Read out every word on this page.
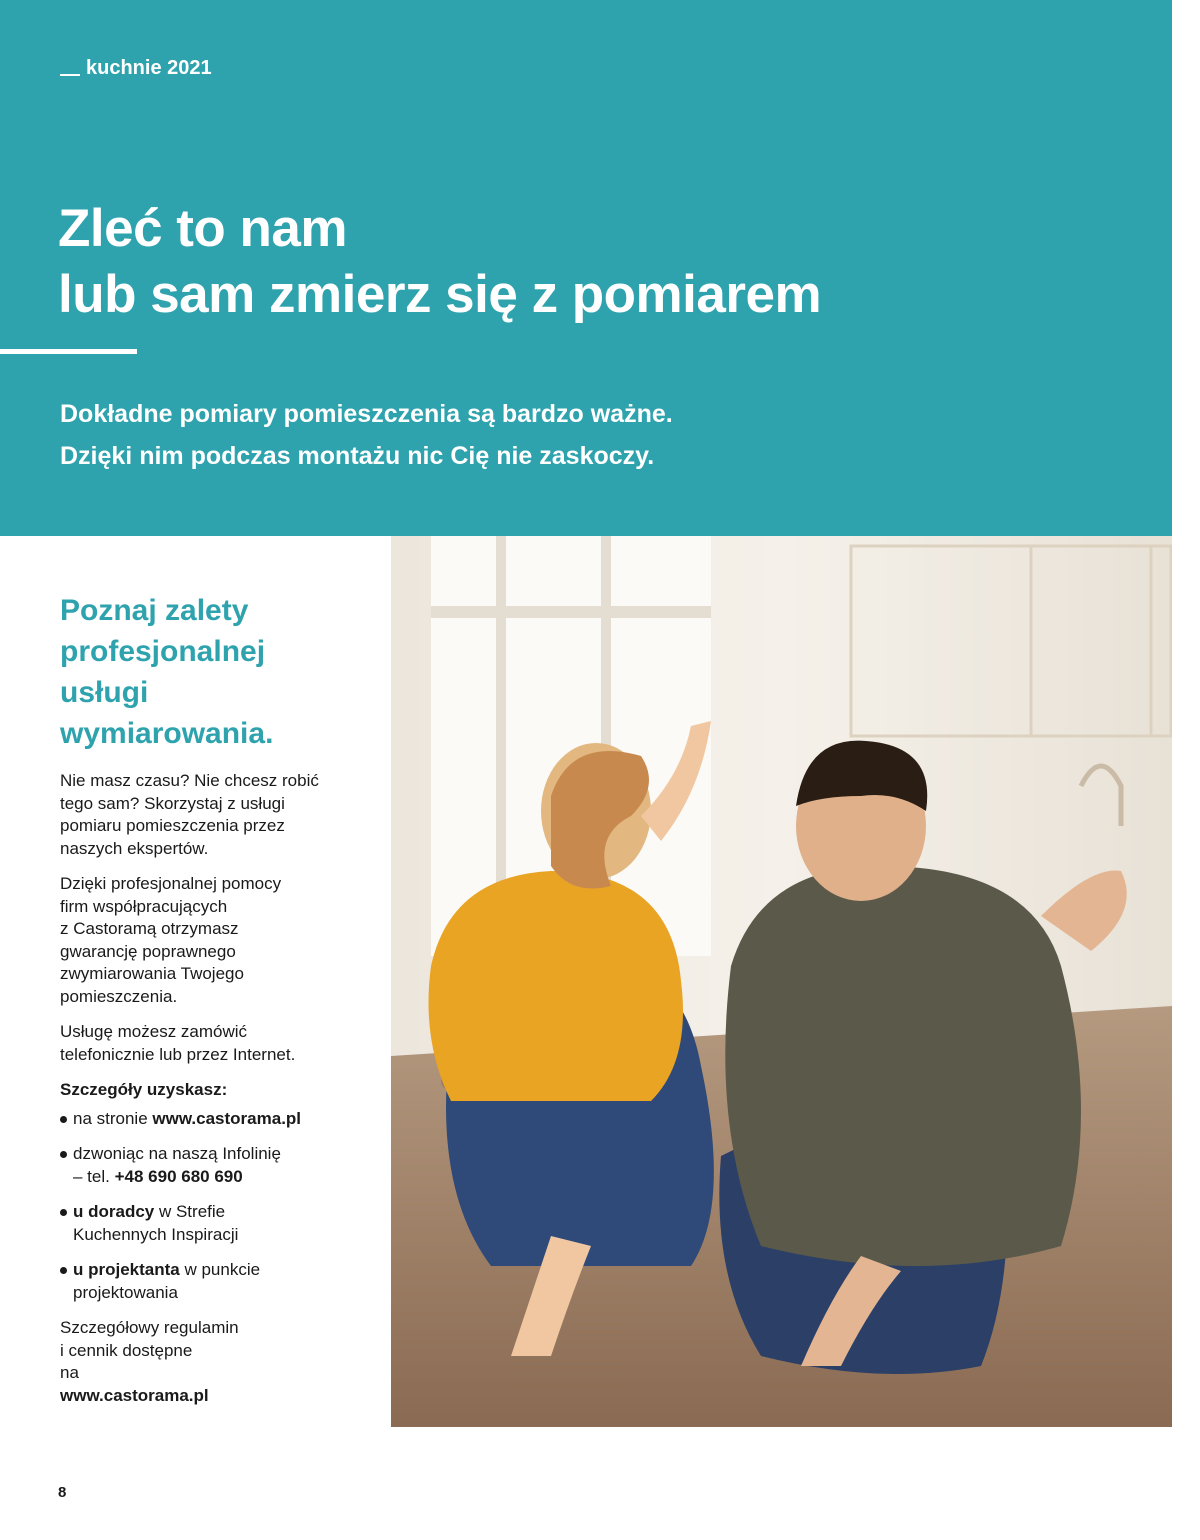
kuchnie 2021
Zleć to nam
lub sam zmierz się z pomiarem

Dokładne pomiary pomieszczenia są bardzo ważne.
Dzięki nim podczas montażu nic Cię nie zaskoczy.

Poznaj zalety
profesjonalnej
usługi
wymiarowania.

Nie masz czasu? Nie chcesz robić
tego sam? Skorzystaj z usługi
pomiaru pomieszczenia przez
naszych ekspertów.

Dzięki profesjonalnej pomocy
firm współpracujących
z Castoramą otrzymasz
gwarancję poprawnego
zwymiarowania Twojego
pomieszczenia.

Usługę możesz zamówić
telefonicznie lub przez Internet.

Szczegóły uzyskasz:

na stronie www.castorama.pl
dzwoniąc na naszą Infolinię
– tel. +48 690 680 690
u doradcy w Strefie
Kuchennych Inspiracji
u projektanta w punkcie
projektowania

Szczegółowy regulamin
i cennik dostępne
na
www.castorama.pl

8
